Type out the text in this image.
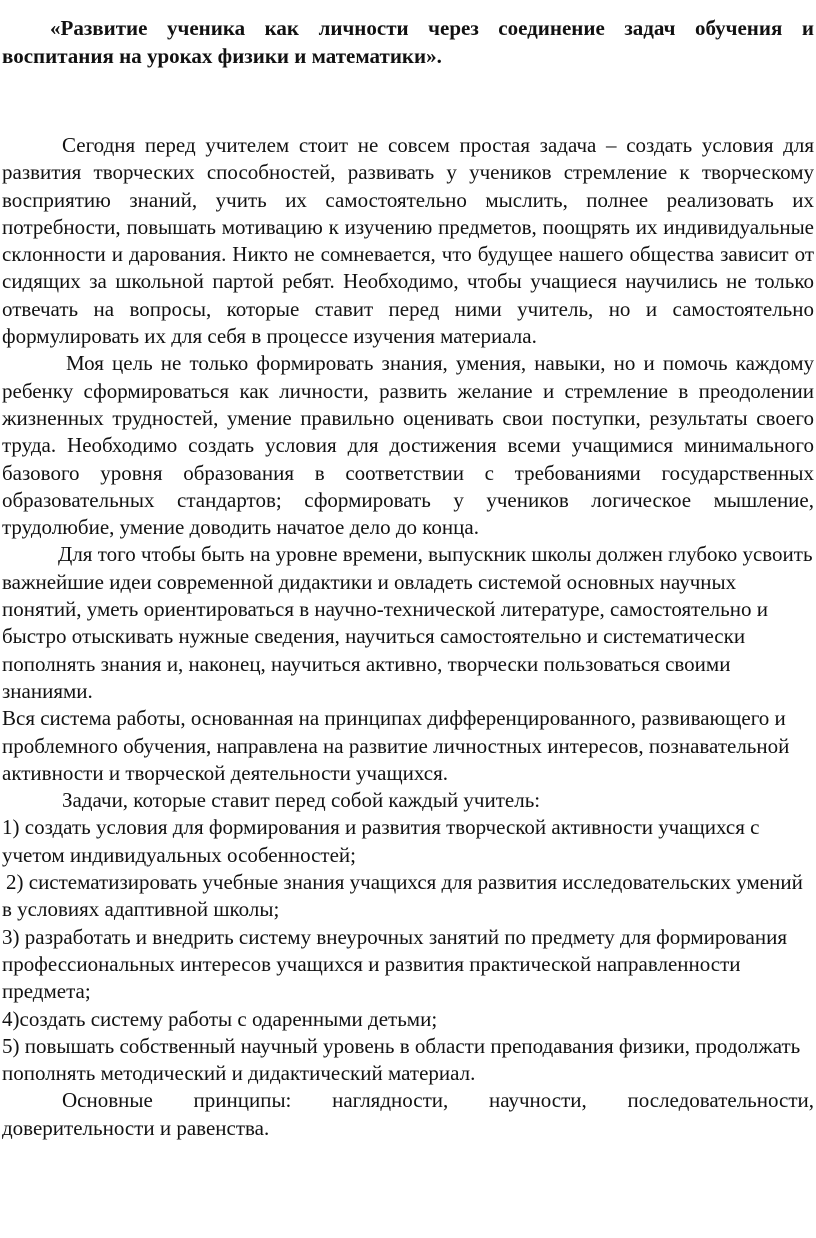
«Развитие ученика как личности через соединение задач обучения и воспитания на уроках физики и математики».

Сегодня перед учителем стоит не совсем простая задача – создать условия для развития творческих способностей, развивать у учеников стремление к творческому восприятию знаний, учить их самостоятельно мыслить, полнее реализовать их потребности, повышать мотивацию к изучению предметов, поощрять их индивидуальные склонности и дарования. Никто не сомневается, что будущее нашего общества зависит от сидящих за школьной партой ребят. Необходимо, чтобы учащиеся научились не только отвечать на вопросы, которые ставит перед ними учитель, но и самостоятельно формулировать их для себя в процессе изучения материала.

Моя цель не только формировать знания, умения, навыки, но и помочь каждому ребенку сформироваться как личности, развить желание и стремление в преодолении жизненных трудностей, умение правильно оценивать свои поступки, результаты своего труда. Необходимо создать условия для достижения всеми учащимися минимального базового уровня образования в соответствии с требованиями государственных образовательных стандартов; сформировать у учеников логическое мышление, трудолюбие, умение доводить начатое дело до конца.

Для того чтобы быть на уровне времени, выпускник школы должен глубоко усвоить важнейшие идеи современной дидактики и овладеть системой основных научных понятий, уметь ориентироваться в научно-технической литературе, самостоятельно и быстро отыскивать нужные сведения, научиться самостоятельно и систематически пополнять знания и, наконец, научиться активно, творчески пользоваться своими знаниями.

Вся система работы, основанная на принципах дифференцированного, развивающего и проблемного обучения, направлена на развитие личностных интересов, познавательной активности и творческой деятельности учащихся.

Задачи, которые ставит перед собой каждый учитель:

1) создать условия для формирования и развития творческой активности учащихся с учетом индивидуальных особенностей;

2) систематизировать учебные знания учащихся для развития исследовательских умений в условиях адаптивной школы;

3) разработать и внедрить систему внеурочных занятий по предмету для формирования профессиональных интересов учащихся и развития практической направленности предмета;

4)создать систему работы с одаренными детьми;

5) повышать собственный научный уровень в области преподавания физики, продолжать пополнять методический и дидактический материал.

Основные принципы: наглядности, научности, последовательности, доверительности и равенства.
